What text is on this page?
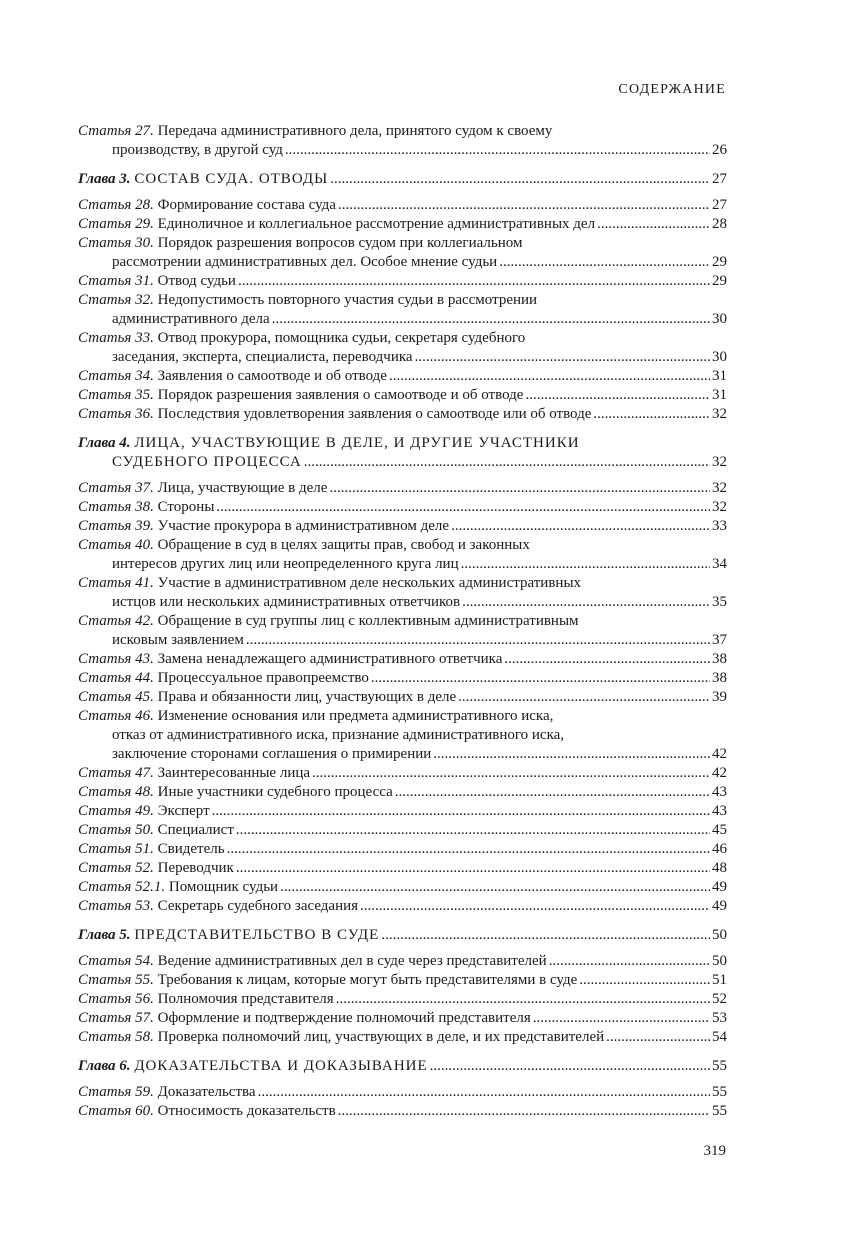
СОДЕРЖАНИЕ
Статья 27.
Передача административного дела, принятого судом к своему
производству, в другой суд .....	26
Глава 3.
СОСТАВ СУДА. ОТВОДЫ .....	27
Статья 28.
Формирование состава суда .....	27
Статья 29.
Единоличное и коллегиальное рассмотрение административных дел .....	28
Статья 30.
Порядок разрешения вопросов судом при коллегиальном
рассмотрении административных дел. Особое мнение судьи .....	29
Статья 31.
Отвод судьи .....	29
Статья 32.
Недопустимость повторного участия судьи в рассмотрении
административного дела .....	30
Статья 33.
Отвод прокурора, помощника судьи, секретаря судебного
заседания, эксперта, специалиста, переводчика .....	30
Статья 34.
Заявления о самоотводе и об отводе .....	31
Статья 35.
Порядок разрешения заявления о самоотводе и об отводе .....	31
Статья 36.
Последствия удовлетворения заявления о самоотводе или об отводе .....	32
Глава 4.
ЛИЦА, УЧАСТВУЮЩИЕ В ДЕЛЕ, И ДРУГИЕ УЧАСТНИКИ
СУДЕБНОГО ПРОЦЕССА .....	32
Статья 37.
Лица, участвующие в деле .....	32
Статья 38.
Стороны .....	32
Статья 39.
Участие прокурора в административном деле .....	33
Статья 40.
Обращение в суд в целях защиты прав, свобод и законных
интересов других лиц или неопределенного круга лиц .....	34
Статья 41.
Участие в административном деле нескольких административных
истцов или нескольких административных ответчиков .....	35
Статья 42.
Обращение в суд группы лиц с коллективным административным
исковым заявлением .....	37
Статья 43.
Замена ненадлежащего административного ответчика .....	38
Статья 44.
Процессуальное правопреемство .....	38
Статья 45.
Права и обязанности лиц, участвующих в деле .....	39
Статья 46.
Изменение основания или предмета административного иска,
отказ от административного иска, признание административного иска,
заключение сторонами соглашения о примирении .....	42
Статья 47.
Заинтересованные лица .....	42
Статья 48.
Иные участники судебного процесса .....	43
Статья 49.
Эксперт .....	43
Статья 50.
Специалист .....	45
Статья 51.
Свидетель .....	46
Статья 52.
Переводчик .....	48
Статья 52.1.
Помощник судьи .....	49
Статья 53.
Секретарь судебного заседания .....	49
Глава 5.
ПРЕДСТАВИТЕЛЬСТВО В СУДЕ .....	50
Статья 54.
Ведение административных дел в суде через представителей .....	50
Статья 55.
Требования к лицам, которые могут быть представителями в суде .....	51
Статья 56.
Полномочия представителя .....	52
Статья 57.
Оформление и подтверждение полномочий представителя .....	53
Статья 58.
Проверка полномочий лиц, участвующих в деле, и их представителей .....	54
Глава 6.
ДОКАЗАТЕЛЬСТВА И ДОКАЗЫВАНИЕ .....	55
Статья 59.
Доказательства .....	55
Статья 60.
Относимость доказательств .....	55
319
